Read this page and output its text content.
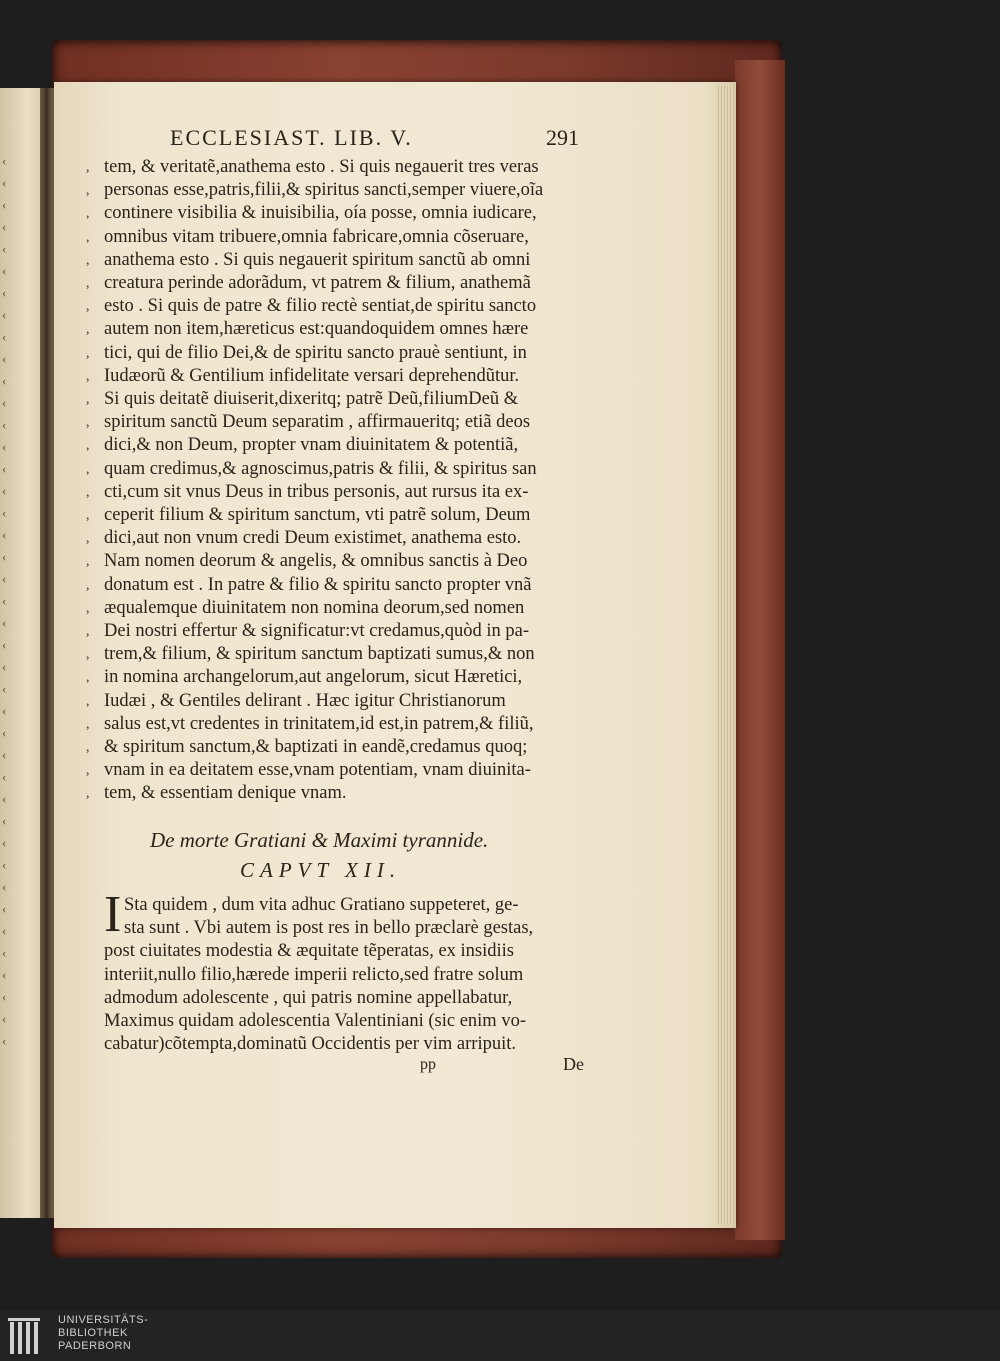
‹
‹
‹
‹
‹
‹
‹
‹
‹
‹
‹
‹
‹
‹
‹
‹
‹
‹
‹
‹
‹
‹
‹
‹
‹
‹
‹
‹
‹
‹
‹
‹
‹
‹
‹
‹
‹
‹
‹
‹
‹

ECCLESIAST. LIB. V.	291
, tem, & veritatẽ,anathema esto . Si quis negauerit tres veras
, personas esse,patris,filii,& spiritus sancti,semper viuere,oĩa
, continere visibilia & inuisibilia, oía posse, omnia iudicare,
, omnibus vitam tribuere,omnia fabricare,omnia cõseruare,
, anathema esto . Si quis negauerit spiritum sanctũ ab omni
, creatura perinde adorãdum, vt patrem & filium, anathemã
, esto . Si quis de patre & filio rectè sentiat,de spiritu sancto
, autem non item,hæreticus est:quandoquidem omnes hære
, tici, qui de filio Dei,& de spiritu sancto prauè sentiunt, in
, Iudæorũ & Gentilium infidelitate versari deprehendũtur.
, Si quis deitatẽ diuiserit,dixeritq; patrẽ Deũ,filiumDeũ &
, spiritum sanctũ Deum separatim , affirmaueritq; etiã deos
, dici,& non Deum, propter vnam diuinitatem & potentiã,
, quam credimus,& agnoscimus,patris & filii, & spiritus san
, cti,cum sit vnus Deus in tribus personis, aut rursus ita ex-
, ceperit filium & spiritum sanctum, vti patrẽ solum, Deum
, dici,aut non vnum credi Deum existimet, anathema esto.
, Nam nomen deorum & angelis, & omnibus sanctis à Deo
, donatum est . In patre & filio & spiritu sancto propter vnã
, æqualemque diuinitatem non nomina deorum,sed nomen
, Dei nostri effertur & significatur:vt credamus,quòd in pa-
, trem,& filium, & spiritum sanctum baptizati sumus,& non
, in nomina archangelorum,aut angelorum, sicut Hæretici,
, Iudæi , & Gentiles delirant . Hæc igitur Christianorum
, salus est,vt credentes in trinitatem,id est,in patrem,& filiũ,
, & spiritum sanctum,& baptizati in eandẽ,credamus quoq;
, vnam in ea deitatem esse,vnam potentiam, vnam diuinita-
, tem, & essentiam denique vnam.
De morte Gratiani & Maximi tyrannide.
CAPVT XII.
I Sta quidem , dum vita adhuc Gratiano suppeteret, ge-
sta sunt . Vbi autem is post res in bello præclarè gestas,
post ciuitates modestia & æquitate tẽperatas, ex insidiis
interiit,nullo filio,hærede imperii relicto,sed fratre solum
admodum adolescente , qui patris nomine appellabatur,
Maximus quidam adolescentia Valentiniani (sic enim vo-
cabatur)cõtempta,dominatũ Occidentis per vim arripuit.
pp	De
UNIVERSITÄTS-
BIBLIOTHEK
PADERBORN
